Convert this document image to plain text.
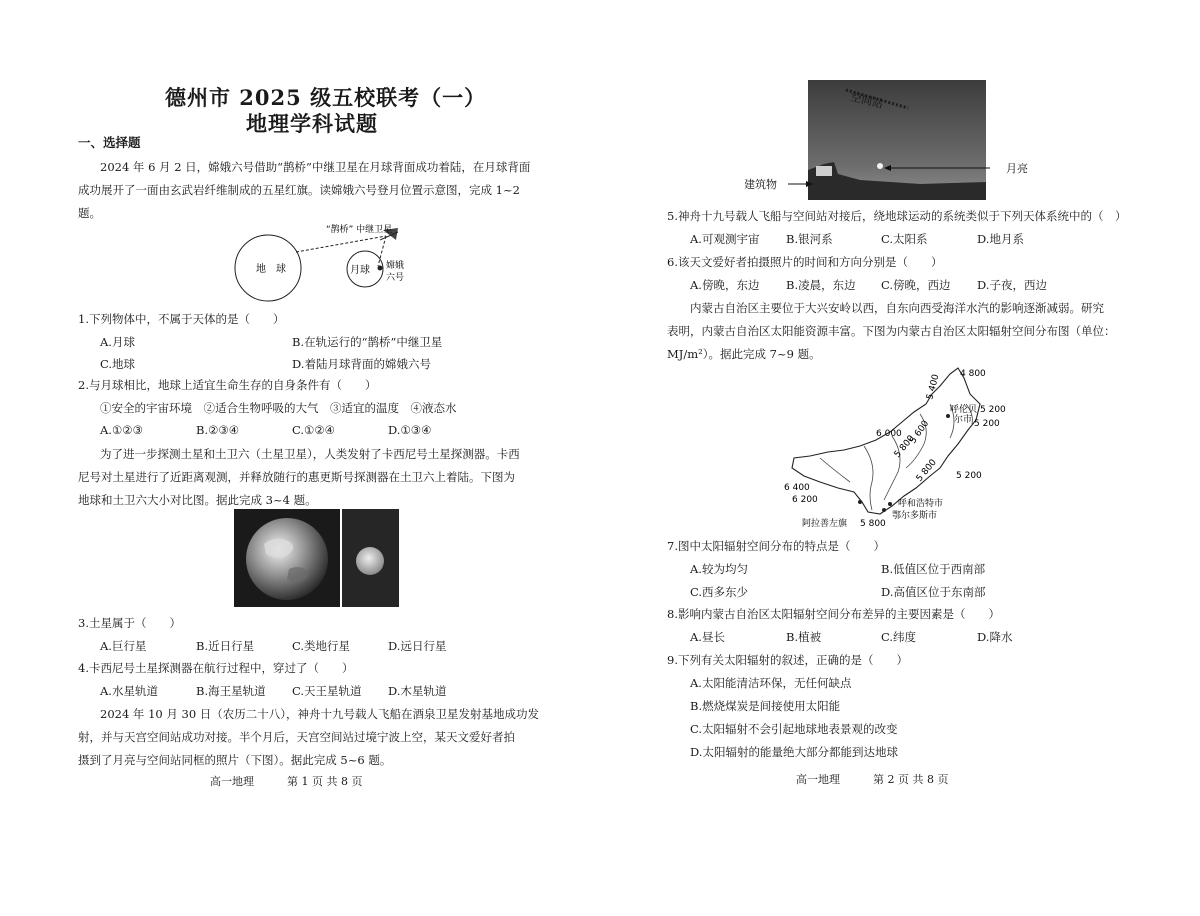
德州市 2025 级五校联考（一）
地理学科试题
一、选择题
2024 年 6 月 2 日，嫦娥六号借助“鹊桥”中继卫星在月球背面成功着陆，在月球背面
成功展开了一面由玄武岩纤维制成的五星红旗。读嫦娥六号登月位置示意图，完成 1~2
题。
地　球	月球
“鹊桥” 中继卫星
嫦娥
六号
1.下列物体中，不属于天体的是（　　）
A.月球	B.在轨运行的“鹊桥”中继卫星
C.地球	D.着陆月球背面的嫦娥六号
2.与月球相比，地球上适宜生命生存的自身条件有（　　）
①安全的宇宙环境　②适合生物呼吸的大气　③适宜的温度　④液态水
A.①②③	B.②③④	C.①②④	D.①③④
为了进一步探测土星和土卫六（土星卫星），人类发射了卡西尼号土星探测器。卡西
尼号对土星进行了近距离观测，并释放随行的惠更斯号探测器在土卫六上着陆。下图为
地球和土卫六大小对比图。据此完成 3~4 题。
3.土星属于（　　）
A.巨行星	B.近日行星	C.类地行星	D.远日行星
4.卡西尼号土星探测器在航行过程中，穿过了（　　）
A.水星轨道	B.海王星轨道 C.天王星轨道 D.木星轨道
2024 年 10 月 30 日（农历二十八），神舟十九号载人飞船在酒泉卫星发射基地成功发
射，并与天宫空间站成功对接。半个月后，天宫空间站过境宁波上空，某天文爱好者拍
摄到了月亮与空间站同框的照片（下图）。据此完成 5~6 题。
高一地理　　　第 1 页 共 8 页
空间站
月亮
建筑物
5.神舟十九号载人飞船与空间站对接后，绕地球运动的系统类似于下列天体系统中的（　）
A.可观测宇宙 B.银河系	C.太阳系	D.地月系
6.该天文爱好者拍摄照片的时间和方向分别是（　　）
A.傍晚，东边 B.凌晨，东边 C.傍晚，西边 D.子夜，西边
内蒙古自治区主要位于大兴安岭以西，自东向西受海洋水汽的影响逐渐减弱。研究
表明，内蒙古自治区太阳能资源丰富。下图为内蒙古自治区太阳辐射空间分布图（单位：
MJ/m²）。据此完成 7~9 题。
4 800
5 400
5 200
5 200
5 200
5 600
6 000
5 800
5 800
5 800
6 400
6 200
呼伦贝
尔市
呼和浩特市
鄂尔多斯市
阿拉善左旗
7.图中太阳辐射空间分布的特点是（　　）
A.较为均匀	B.低值区位于西南部
C.西多东少	D.高值区位于东南部
8.影响内蒙古自治区太阳辐射空间分布差异的主要因素是（　　）
A.昼长	B.植被	C.纬度	D.降水
9.下列有关太阳辐射的叙述，正确的是（　　）
A.太阳能清洁环保，无任何缺点
B.燃烧煤炭是间接使用太阳能
C.太阳辐射不会引起地球地表景观的改变
D.太阳辐射的能量绝大部分都能到达地球
高一地理　　　第 2 页 共 8 页
